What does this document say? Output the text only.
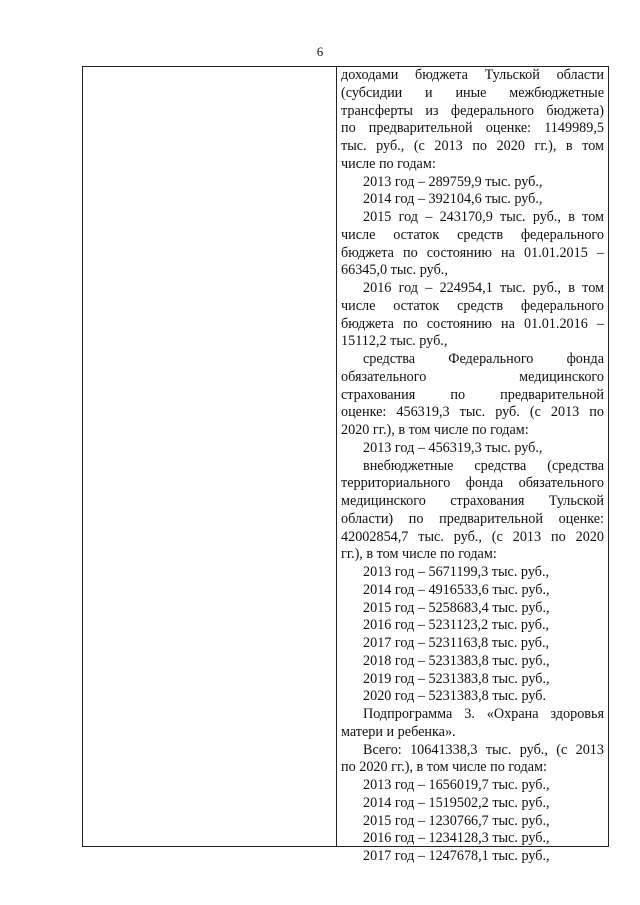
6
доходами бюджета Тульской области
(субсидии и иные межбюджетные
трансферты из федерального бюджета)
по предварительной оценке: 1149989,5
тыс. руб., (с 2013 по 2020 гг.), в том
числе по годам:
2013 год – 289759,9 тыс. руб.,
2014 год – 392104,6 тыс. руб.,
2015 год – 243170,9 тыс. руб., в том
числе остаток средств федерального
бюджета по состоянию на 01.01.2015 –
66345,0 тыс. руб.,
2016 год – 224954,1 тыс. руб., в том
числе остаток средств федерального
бюджета по состоянию на 01.01.2016 –
15112,2 тыс. руб.,
средства Федерального фонда
обязательного медицинского
страхования по предварительной
оценке: 456319,3 тыс. руб. (с 2013 по
2020 гг.), в том числе по годам:
2013 год – 456319,3 тыс. руб.,
внебюджетные средства (средства
территориального фонда обязательного
медицинского страхования Тульской
области) по предварительной оценке:
42002854,7 тыс. руб., (с 2013 по 2020
гг.), в том числе по годам:
2013 год – 5671199,3 тыс. руб.,
2014 год – 4916533,6 тыс. руб.,
2015 год – 5258683,4 тыс. руб.,
2016 год – 5231123,2 тыс. руб.,
2017 год – 5231163,8 тыс. руб.,
2018 год – 5231383,8 тыс. руб.,
2019 год – 5231383,8 тыс. руб.,
2020 год – 5231383,8 тыс. руб.
Подпрограмма 3. «Охрана здоровья
матери и ребенка».
Всего: 10641338,3 тыс. руб., (с 2013
по 2020 гг.), в том числе по годам:
2013 год – 1656019,7 тыс. руб.,
2014 год – 1519502,2 тыс. руб.,
2015 год – 1230766,7 тыс. руб.,
2016 год – 1234128,3 тыс. руб.,
2017 год – 1247678,1 тыс. руб.,
